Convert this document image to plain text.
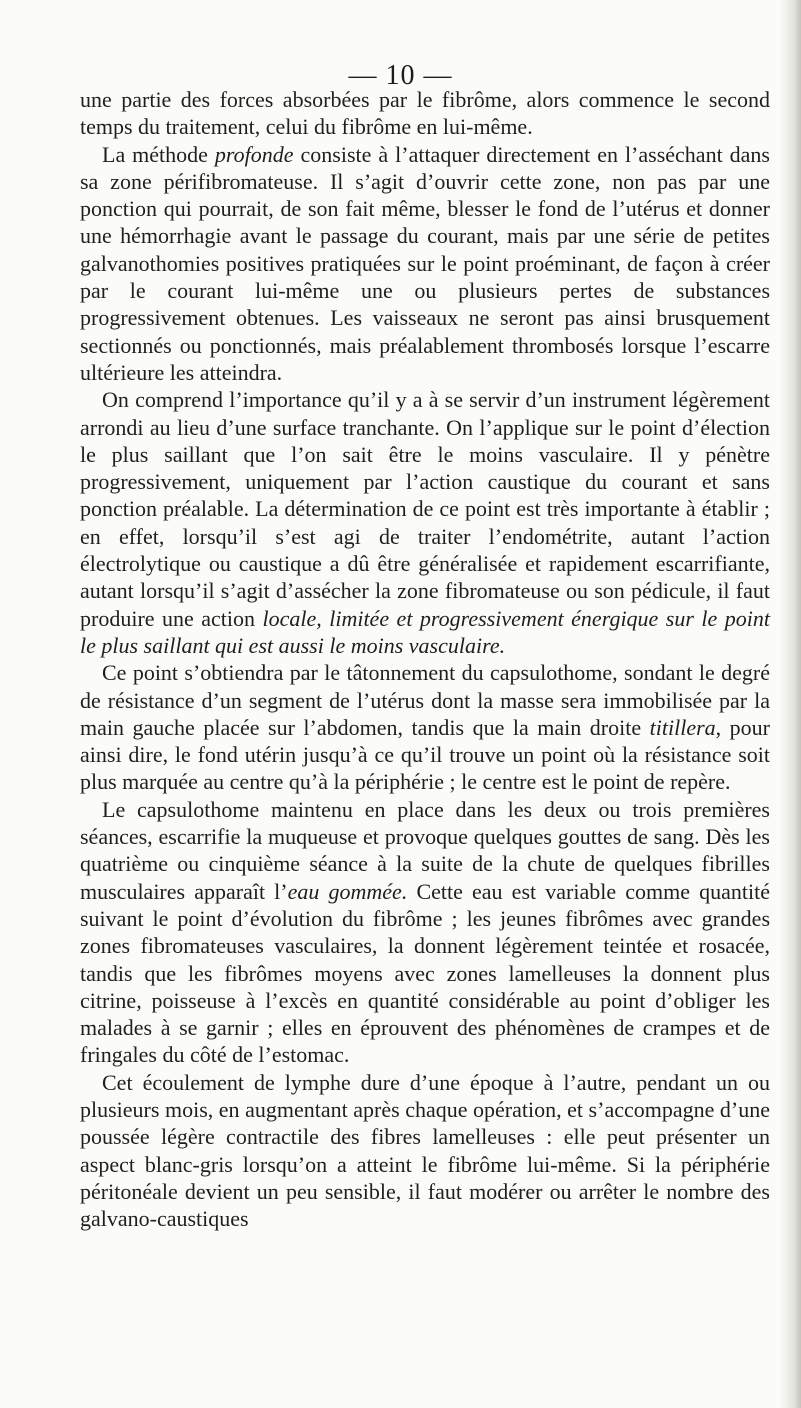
— 10 —

une partie des forces absorbées par le fibrôme, alors commence le second temps du traitement, celui du fibrôme en lui-même.

La méthode profonde consiste à l’attaquer directement en l’asséchant dans sa zone périfibromateuse. Il s’agit d’ouvrir cette zone, non pas par une ponction qui pourrait, de son fait même, blesser le fond de l’utérus et donner une hémorrhagie avant le passage du courant, mais par une série de petites galvanothomies positives pratiquées sur le point proéminant, de façon à créer par le courant lui-même une ou plusieurs pertes de substances progressivement obtenues. Les vaisseaux ne seront pas ainsi brusquement sectionnés ou ponctionnés, mais préalablement thrombosés lorsque l’escarre ultérieure les atteindra.

On comprend l’importance qu’il y a à se servir d’un instrument légèrement arrondi au lieu d’une surface tranchante. On l’applique sur le point d’élection le plus saillant que l’on sait être le moins vasculaire. Il y pénètre progressivement, uniquement par l’action caustique du courant et sans ponction préalable. La détermination de ce point est très importante à établir ; en effet, lorsqu’il s’est agi de traiter l’endométrite, autant l’action électrolytique ou caustique a dû être généralisée et rapidement escarrifiante, autant lorsqu’il s’agit d’assécher la zone fibromateuse ou son pédicule, il faut produire une action locale, limitée et progressivement énergique sur le point le plus saillant qui est aussi le moins vasculaire.

Ce point s’obtiendra par le tâtonnement du capsulothome, sondant le degré de résistance d’un segment de l’utérus dont la masse sera immobilisée par la main gauche placée sur l’abdomen, tandis que la main droite titillera, pour ainsi dire, le fond utérin jusqu’à ce qu’il trouve un point où la résistance soit plus marquée au centre qu’à la périphérie ; le centre est le point de repère.

Le capsulothome maintenu en place dans les deux ou trois premières séances, escarrifie la muqueuse et provoque quelques gouttes de sang. Dès les quatrième ou cinquième séance à la suite de la chute de quelques fibrilles musculaires apparaît l’eau gommée. Cette eau est variable comme quantité suivant le point d’évolution du fibrôme ; les jeunes fibrômes avec grandes zones fibromateuses vasculaires, la donnent légèrement teintée et rosacée, tandis que les fibrômes moyens avec zones lamelleuses la donnent plus citrine, poisseuse à l’excès en quantité considérable au point d’obliger les malades à se garnir ; elles en éprouvent des phénomènes de crampes et de fringales du côté de l’estomac.

Cet écoulement de lymphe dure d’une époque à l’autre, pendant un ou plusieurs mois, en augmentant après chaque opération, et s’accompagne d’une poussée légère contractile des fibres lamelleuses : elle peut présenter un aspect blanc-gris lorsqu’on a atteint le fibrôme lui-même. Si la périphérie péritonéale devient un peu sensible, il faut modérer ou arrêter le nombre des galvano-caustiques
